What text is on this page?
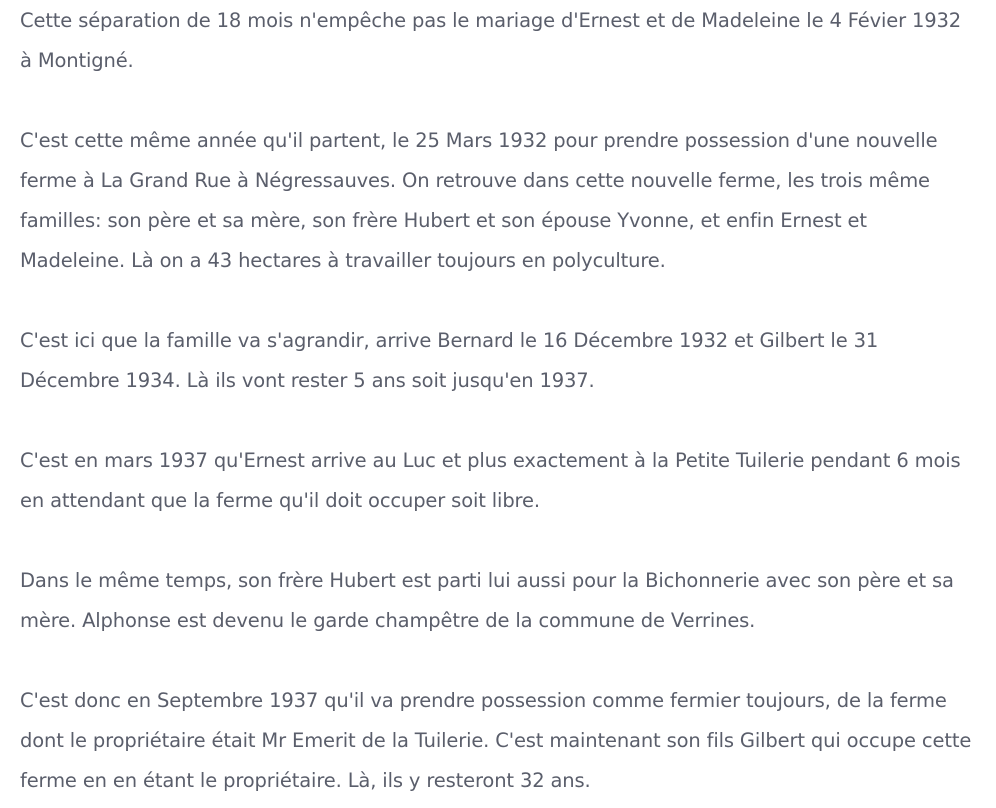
Cette séparation de 18 mois n'empêche pas le mariage d'Ernest et de Madeleine le 4 Févier 1932 à Montigné.

C'est cette même année qu'il partent, le 25 Mars 1932 pour prendre possession d'une nouvelle ferme à La Grand Rue à Négressauves. On retrouve dans cette nouvelle ferme, les trois même familles: son père et sa mère, son frère Hubert et son épouse Yvonne, et enfin Ernest et Madeleine. Là on a 43 hectares à travailler toujours en polyculture.

C'est ici que la famille va s'agrandir, arrive Bernard le 16 Décembre 1932 et Gilbert le 31 Décembre 1934. Là ils vont rester 5 ans soit jusqu'en 1937.

C'est en mars 1937 qu'Ernest arrive au Luc et plus exactement à la Petite Tuilerie pendant 6 mois en attendant que la ferme qu'il doit occuper soit libre.

Dans le même temps, son frère Hubert est parti lui aussi pour la Bichonnerie avec son père et sa mère. Alphonse est devenu le garde champêtre de la commune de Verrines.

C'est donc en Septembre 1937 qu'il va prendre possession comme fermier toujours, de la ferme dont le propriétaire était Mr Emerit de la Tuilerie. C'est maintenant son fils Gilbert qui occupe cette ferme en en étant le propriétaire. Là, ils y resteront 32 ans.
